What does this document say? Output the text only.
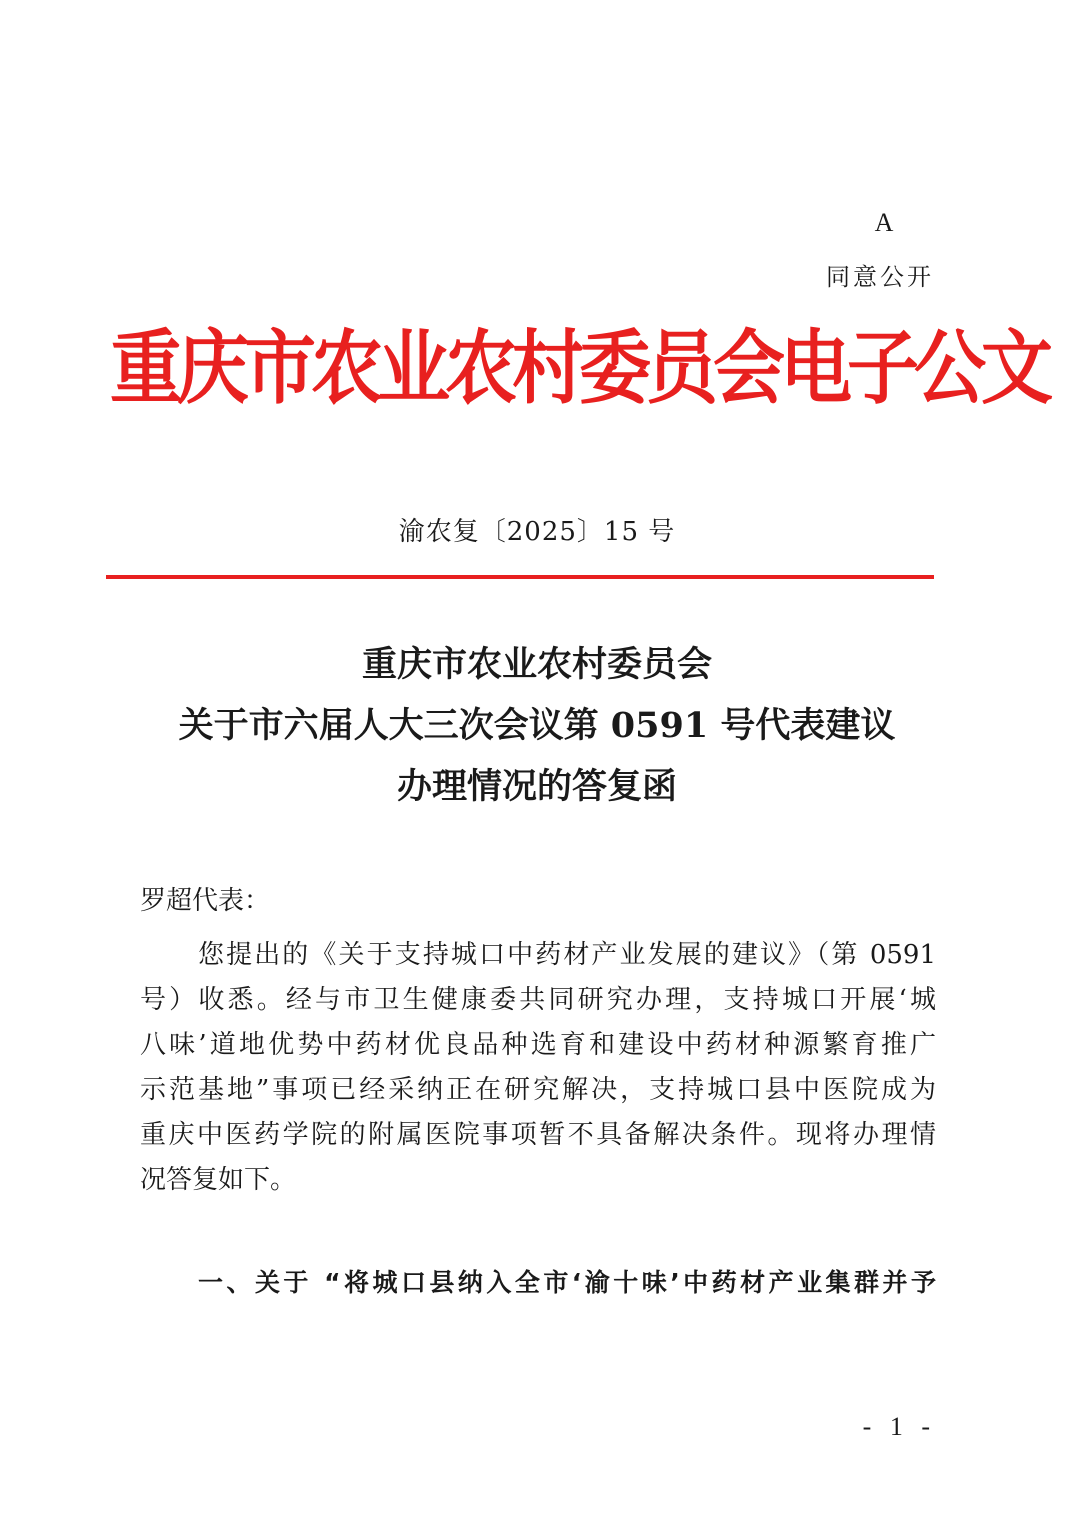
A
同意公开
重庆市农业农村委员会电子公文
渝农复〔2025〕15 号
重庆市农业农村委员会
关于市六届人大三次会议第 0591 号代表建议
办理情况的答复函
罗超代表：
您提出的《关于支持城口中药材产业发展的建议》（第 0591
号）收悉。经与市卫生健康委共同研究办理，支持城口开展‘城
八味’道地优势中药材优良品种选育和建设中药材种源繁育推广
示范基地”事项已经采纳正在研究解决，支持城口县中医院成为
重庆中医药学院的附属医院事项暂不具备解决条件。现将办理情
况答复如下。
一、关于 “将城口县纳入全市‘渝十味’中药材产业集群并予
- 1 -
